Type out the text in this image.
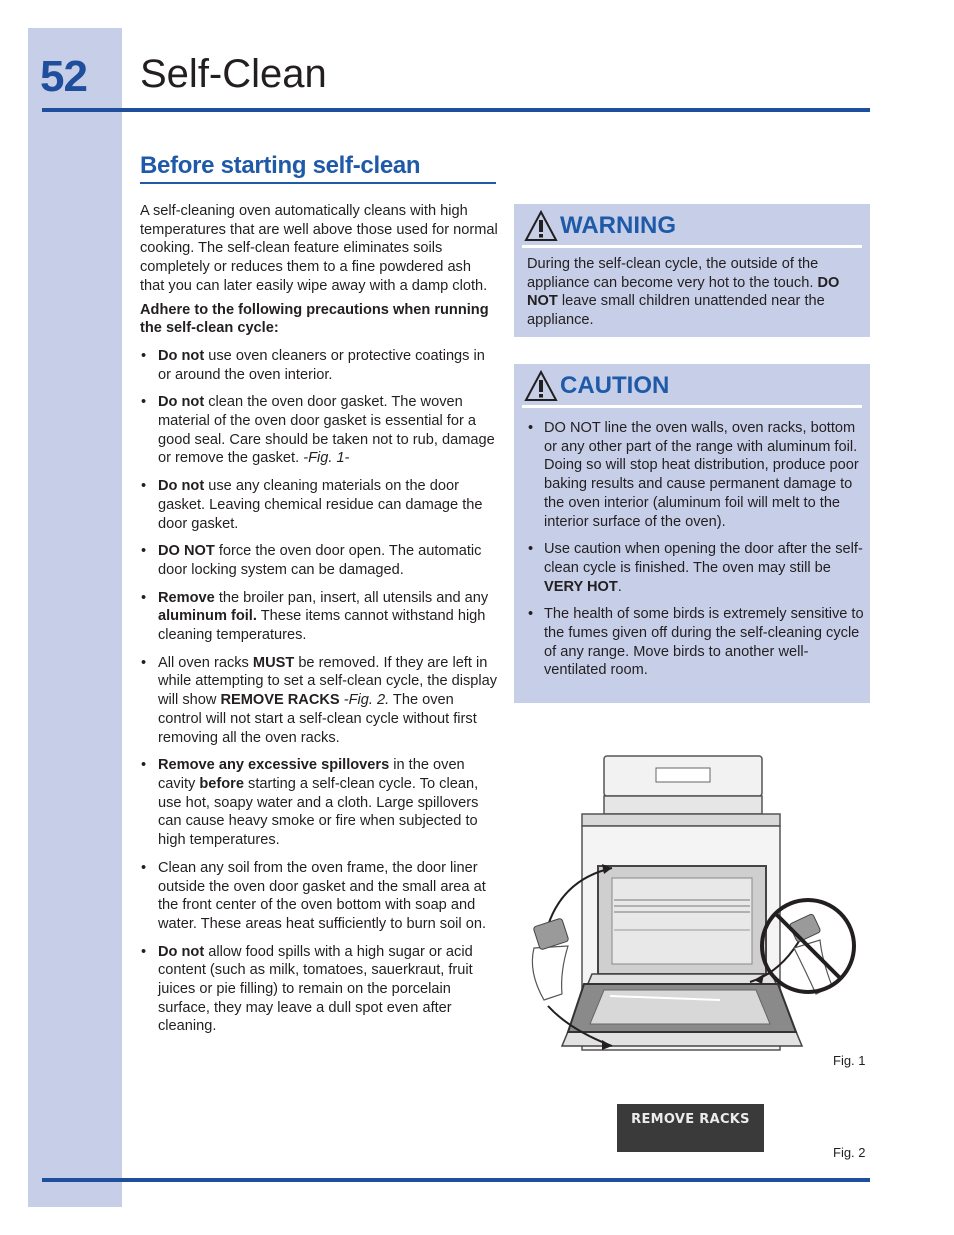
52 Self-Clean
Before starting self-clean

A self-cleaning oven automatically cleans with high temperatures that are well above those used for normal cooking. The self-clean feature eliminates soils completely or reduces them to a fine powdered ash that you can later easily wipe away with a damp cloth.

Adhere to the following precautions when running the self-clean cycle:

• Do not use oven cleaners or protective coatings in or around the oven interior.
• Do not clean the oven door gasket. The woven material of the oven door gasket is essential for a good seal. Care should be taken not to rub, damage or remove the gasket. -Fig. 1-
• Do not use any cleaning materials on the door gasket. Leaving chemical residue can damage the door gasket.
• DO NOT force the oven door open. The automatic door locking system can be damaged.
• Remove the broiler pan, insert, all utensils and any aluminum foil. These items cannot withstand high cleaning temperatures.
• All oven racks MUST be removed. If they are left in while attempting to set a self-clean cycle, the display will show REMOVE RACKS -Fig. 2. The oven control will not start a self-clean cycle without first removing all the oven racks.
• Remove any excessive spillovers in the oven cavity before starting a self-clean cycle. To clean, use hot, soapy water and a cloth. Large spillovers can cause heavy smoke or fire when subjected to high temperatures.
• Clean any soil from the oven frame, the door liner outside the oven door gasket and the small area at the front center of the oven bottom with soap and water. These areas heat sufficiently to burn soil on.
• Do not allow food spills with a high sugar or acid content (such as milk, tomatoes, sauerkraut, fruit juices or pie filling) to remain on the porcelain surface, they may leave a dull spot even after cleaning.
WARNING

During the self-clean cycle, the outside of the appliance can become very hot to the touch. DO NOT leave small children unattended near the appliance.

CAUTION
• DO NOT line the oven walls, oven racks, bottom or any other part of the range with aluminum foil. Doing so will stop heat distribution, produce poor baking results and cause permanent damage to the oven interior (aluminum foil will melt to the interior surface of the oven).
• Use caution when opening the door after the self-clean cycle is finished. The oven may still be VERY HOT.
• The health of some birds is extremely sensitive to the fumes given off during the self-cleaning cycle of any range. Move birds to another well-ventilated room.
Fig. 1
REMOVE RACKS
Fig. 2
